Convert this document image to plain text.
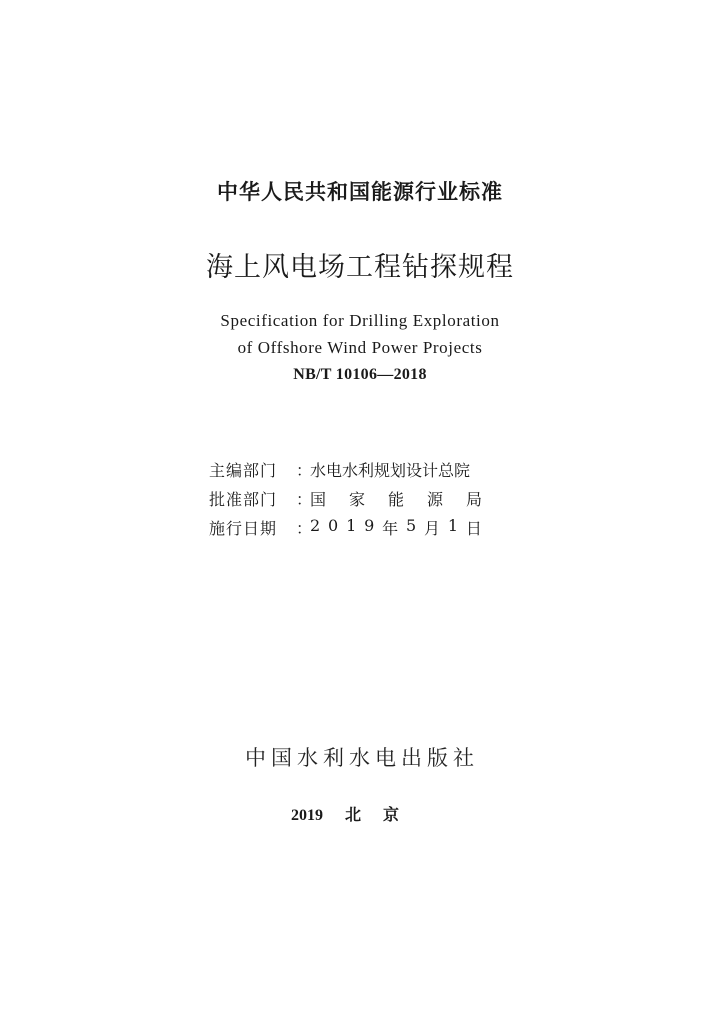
中华人民共和国能源行业标准
海上风电场工程钻探规程
Specification for Drilling Exploration
of Offshore Wind Power Projects
NB/T 10106—2018
主编部门	：
水电水利规划设计总院
批准部门	：
国 家 能 源 局
施行日期	：
2 0 1 9 年 5 月 1 日
中国水利水电出版社
2019 北 京
